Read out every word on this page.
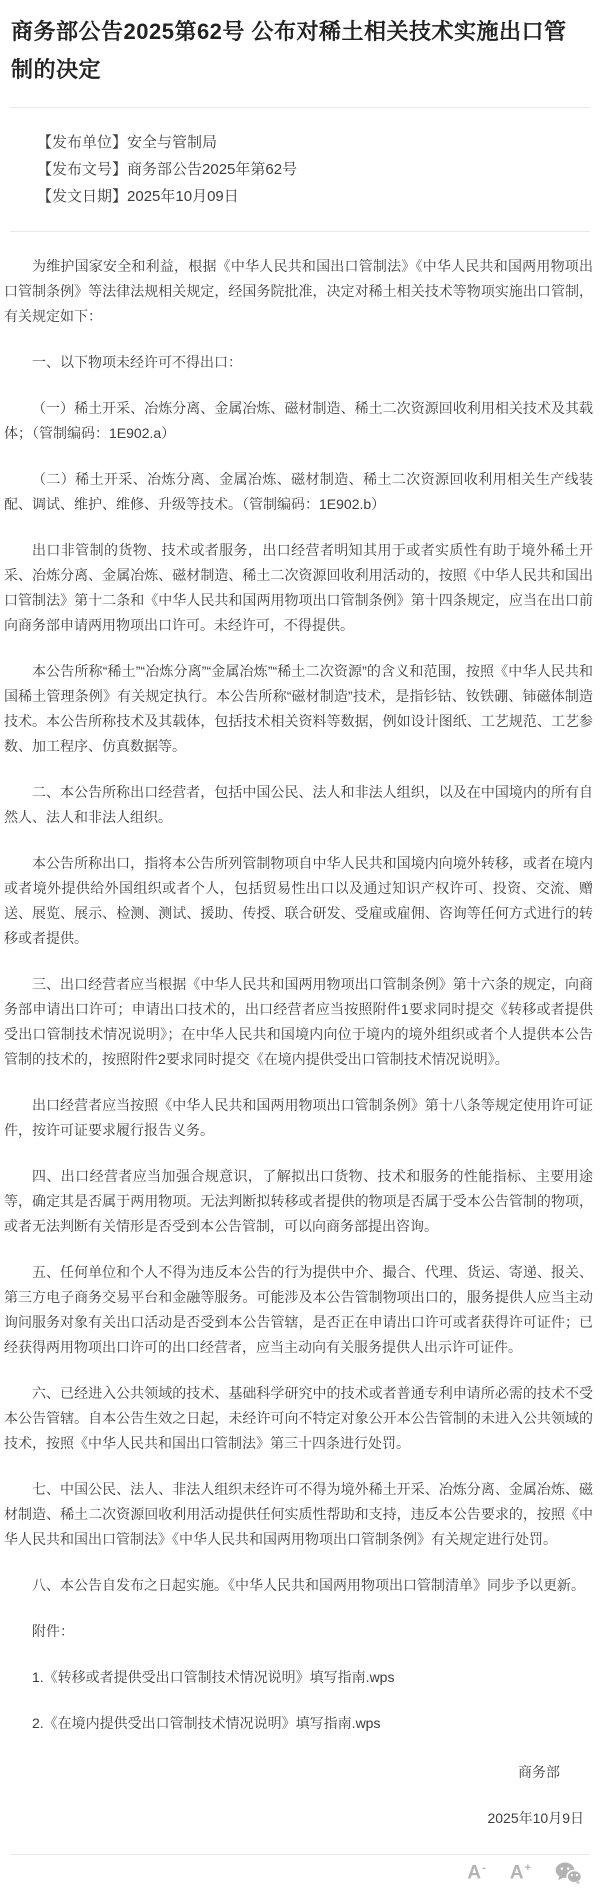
商务部公告2025第62号 公布对稀土相关技术实施出口管制的决定
【发布单位】安全与管制局
【发布文号】商务部公告2025年第62号
【发文日期】2025年10月09日

为维护国家安全和利益，根据《中华人民共和国出口管制法》《中华人民共和国两用物项出口管制条例》等法律法规相关规定，经国务院批准，决定对稀土相关技术等物项实施出口管制，有关规定如下：

一、以下物项未经许可不得出口：

（一）稀土开采、冶炼分离、金属冶炼、磁材制造、稀土二次资源回收利用相关技术及其载体；（管制编码：1E902.a）

（二）稀土开采、冶炼分离、金属冶炼、磁材制造、稀土二次资源回收利用相关生产线装配、调试、维护、维修、升级等技术。（管制编码：1E902.b）

出口非管制的货物、技术或者服务，出口经营者明知其用于或者实质性有助于境外稀土开采、冶炼分离、金属冶炼、磁材制造、稀土二次资源回收利用活动的，按照《中华人民共和国出口管制法》第十二条和《中华人民共和国两用物项出口管制条例》第十四条规定，应当在出口前向商务部申请两用物项出口许可。未经许可，不得提供。

本公告所称“稀土”“冶炼分离”“金属冶炼”“稀土二次资源”的含义和范围，按照《中华人民共和国稀土管理条例》有关规定执行。本公告所称“磁材制造”技术，是指钐钴、钕铁硼、铈磁体制造技术。本公告所称技术及其载体，包括技术相关资料等数据，例如设计图纸、工艺规范、工艺参数、加工程序、仿真数据等。

二、本公告所称出口经营者，包括中国公民、法人和非法人组织，以及在中国境内的所有自然人、法人和非法人组织。

本公告所称出口，指将本公告所列管制物项自中华人民共和国境内向境外转移，或者在境内或者境外提供给外国组织或者个人，包括贸易性出口以及通过知识产权许可、投资、交流、赠送、展览、展示、检测、测试、援助、传授、联合研发、受雇或雇佣、咨询等任何方式进行的转移或者提供。

三、出口经营者应当根据《中华人民共和国两用物项出口管制条例》第十六条的规定，向商务部申请出口许可；申请出口技术的，出口经营者应当按照附件1要求同时提交《转移或者提供受出口管制技术情况说明》；在中华人民共和国境内向位于境内的境外组织或者个人提供本公告管制的技术的，按照附件2要求同时提交《在境内提供受出口管制技术情况说明》。

出口经营者应当按照《中华人民共和国两用物项出口管制条例》第十八条等规定使用许可证件，按许可证要求履行报告义务。

四、出口经营者应当加强合规意识，了解拟出口货物、技术和服务的性能指标、主要用途等，确定其是否属于两用物项。无法判断拟转移或者提供的物项是否属于受本公告管制的物项，或者无法判断有关情形是否受到本公告管制，可以向商务部提出咨询。

五、任何单位和个人不得为违反本公告的行为提供中介、撮合、代理、货运、寄递、报关、第三方电子商务交易平台和金融等服务。可能涉及本公告管制物项出口的，服务提供人应当主动询问服务对象有关出口活动是否受到本公告管辖，是否正在申请出口许可或者获得许可证件；已经获得两用物项出口许可的出口经营者，应当主动向有关服务提供人出示许可证件。

六、已经进入公共领域的技术、基础科学研究中的技术或者普通专利申请所必需的技术不受本公告管辖。自本公告生效之日起，未经许可向不特定对象公开本公告管制的未进入公共领域的技术，按照《中华人民共和国出口管制法》第三十四条进行处罚。

七、中国公民、法人、非法人组织未经许可不得为境外稀土开采、冶炼分离、金属冶炼、磁材制造、稀土二次资源回收利用活动提供任何实质性帮助和支持，违反本公告要求的，按照《中华人民共和国出口管制法》《中华人民共和国两用物项出口管制条例》有关规定进行处罚。

八、本公告自发布之日起实施。《中华人民共和国两用物项出口管制清单》同步予以更新。

附件：

1.《转移或者提供受出口管制技术情况说明》填写指南.wps

2.《在境内提供受出口管制技术情况说明》填写指南.wps

商务部

2025年10月9日

A- A+
